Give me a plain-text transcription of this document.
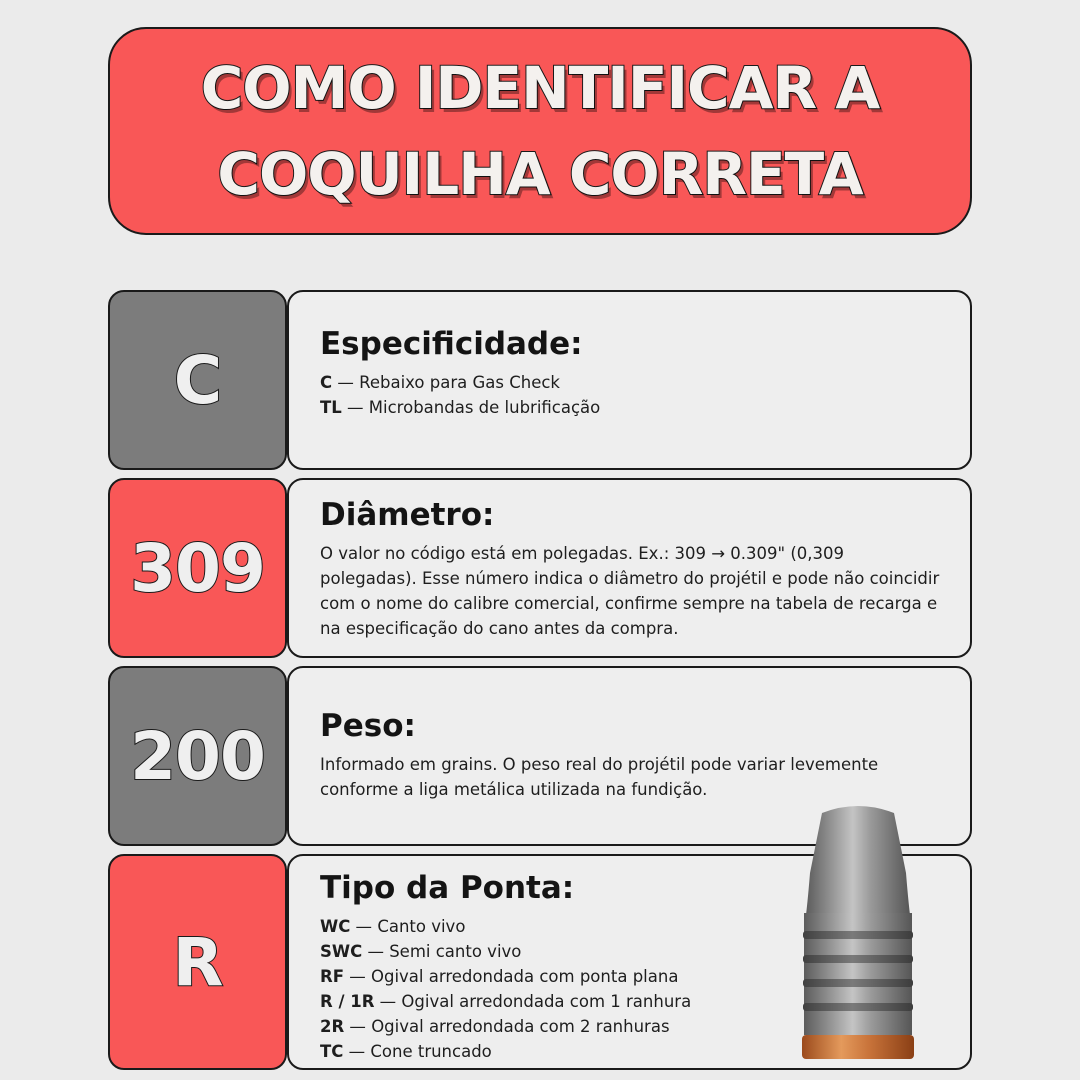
COMO IDENTIFICAR A
COQUILHA CORRETA
C	Especificidade:
C — Rebaixo para Gas Check
TL — Microbandas de lubrificação
309
Diâmetro:
O valor no código está em polegadas. Ex.: 309 → 0.309" (0,309 polegadas). Esse número indica o diâmetro do projétil e pode não coincidir com o nome do calibre comercial, confirme sempre na tabela de recarga e na especificação do cano antes da compra.
200 Peso:
Informado em grains. O peso real do projétil pode variar levemente conforme a liga metálica utilizada na fundição.
R
Tipo da Ponta:
WC — Canto vivo
SWC — Semi canto vivo
RF — Ogival arredondada com ponta plana
R / 1R — Ogival arredondada com 1 ranhura
2R — Ogival arredondada com 2 ranhuras
TC — Cone truncado
